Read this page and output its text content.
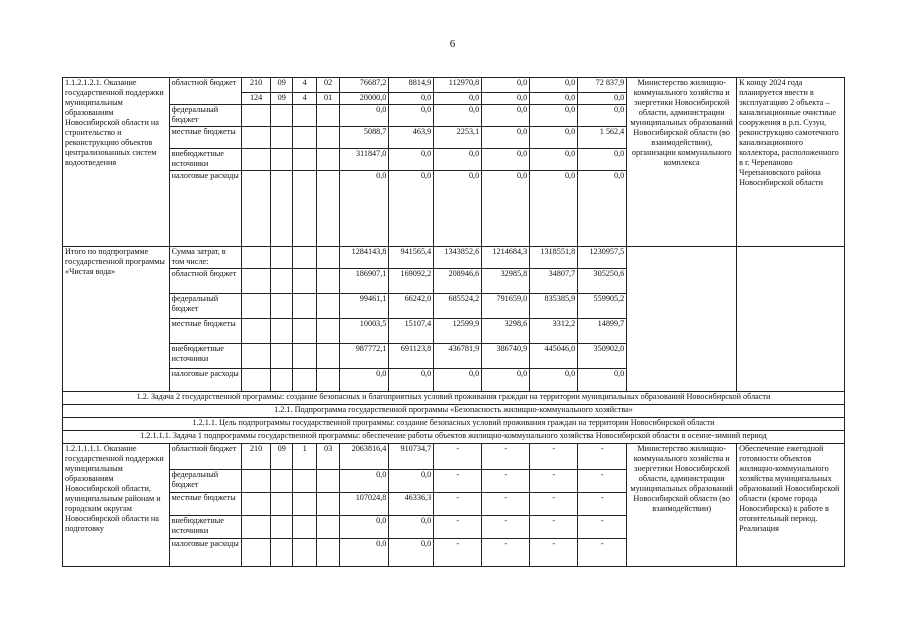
6
1.1.2.1.2.1. Оказание государственной поддержки муниципальным образованиям Новосибирской области на строительство и реконструкцию объектов централизованных систем водоотведения	областной бюджет	210	09	4	02	76687,2	8814,9	112970,8	0,0	0,0	72 837,9	Министерство жилищно-коммунального хозяйства и энергетики Новосибирской области, администрации муниципальных образований Новосибирской области (во взаимодействии), организации коммунального комплекса	К концу 2024 года планируется ввести в эксплуатацию 2 объекта – канализационные очистные сооружения в р.п. Сузун, реконструкцию самотечного канализационного коллектора, расположенного в г. Черепаново Черепановского района Новосибирской области
		124	09	4	01	20000,0	0,0	0,0	0,0	0,0	0,0		
	федеральный бюджет					0,0	0,0	0,0	0,0	0,0	0,0		
	местные бюджеты					5088,7	463,9	2253,1	0,0	0,0	1 562,4		
	внебюджетные источники					311847,0	0,0	0,0	0,0	0,0	0,0		
	налоговые расходы					0,0	0,0	0,0	0,0	0,0	0,0		
Итого по подпрограмме государственной программы «Чистая вода»	Сумма затрат, в том числе:					1284143,8	941565,4	1343852,6	1214684,3	1318551,8	1230957,5		
	областной бюджет					186907,1	169092,2	208946,6	32985,8	34807,7	305250,6		
	федеральный бюджет					99461,1	66242,0	685524,2	791659,0	835385,9	559905,2		
	местные бюджеты					10003,5	15107,4	12599,9	3298,6	3312,2	14899,7		
	внебюджетные источники					987772,1	691123,8	436781,9	386740,9	445046,0	350902,0		
	налоговые расходы					0,0	0,0	0,0	0,0	0,0	0,0		
1.2. Задача 2 государственной программы: создание безопасных и благоприятных условий проживания граждан на территории муниципальных образований Новосибирской области													
1.2.1. Подпрограмма государственной программы «Безопасность жилищно-коммунального хозяйства»													
1.2.1.1. Цель подпрограммы государственной программы: создание безопасных условий проживания граждан на территории Новосибирской области													
1.2.1.1.1. Задача 1 подпрограммы государственной программы: обеспечение работы объектов жилищно-коммунального хозяйства Новосибирской области в осенне-зимний период													
1.2.1.1.1.1. Оказание государственной поддержки муниципальным образованиям Новосибирской области, муниципальным районам и городским округам Новосибирской области на подготовку	областной бюджет	210	09	1	03	2063816,4	910734,7	-	-	-	-	Министерство жилищно-коммунального хозяйства и энергетики Новосибирской области, администрации муниципальных образований Новосибирской области (во взаимодействии)	Обеспечение ежегодной готовности объектов жилищно-коммунального хозяйства муниципальных образований Новосибирской области (кроме города Новосибирска) к работе в отопительный период. Реализация
	федеральный бюджет					0,0	0,0	-	-	-	-		
	местные бюджеты					107024,8	46336,3	-	-	-	-		
	внебюджетные источники					0,0	0,0	-	-	-	-		
	налоговые расходы					0,0	0,0	-	-	-	-		
